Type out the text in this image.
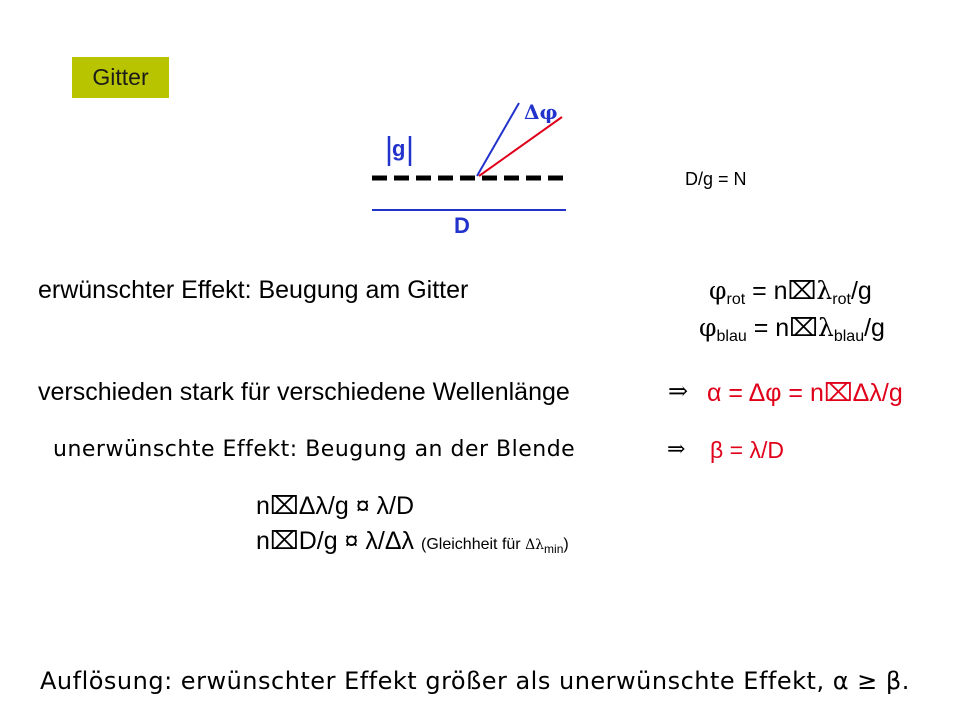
Gitter
g
Δφ
D
D/g = N
erwünschter Effekt: Beugung am Gitter	$\varphi_{rot}$ = $n⌧\lambda_{rot}/g$
$\varphi_{blau}$ = $n⌧\lambda_{blau}/g$
verschieden stark für verschiedene Wellenlänge	⇒ α = Δφ = n⌧Δλ/g
unerwünschte Effekt: Beugung an der Blende	⇒ β = λ/D
n⌧Δλ/g ¤ λ/D
n⌧D/g ¤ λ/Δλ (Gleichheit für $\Delta\lambda_{min}$)
Auflösung: erwünschter Effekt größer als unerwünschte Effekt, α ≥ β.
